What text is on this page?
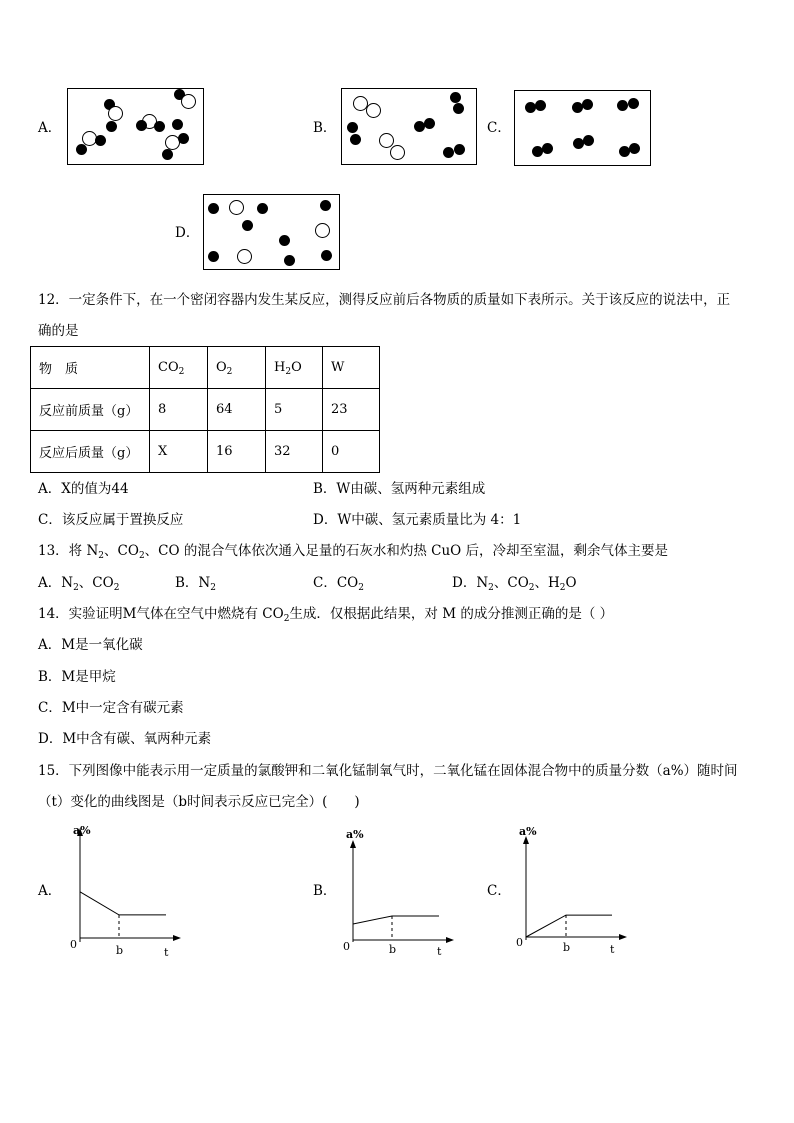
A．	B．	C．
D．
12．一定条件下，在一个密闭容器内发生某反应，测得反应前后各物质的质量如下表所示。关于该反应的说法中，正
确的是
物　质	$CO_2$	$O_2$	$H_2O$	W
反应前质量（g）	8	64	5	23
反应后质量（g）	X	16	32	0
A．X的值为44	B．W由碳、氢两种元素组成
C．该反应属于置换反应	D．W中碳、氢元素质量比为 4：1
13．将 $N_2$、$CO_2$、CO 的混合气体依次通入足量的石灰水和灼热 CuO 后，冷却至室温，剩余气体主要是
A．$N_2$、$CO_2$	B．$N_2$	C．$CO_2$	D．$N_2$、$CO_2$、$H_2O$
14．实验证明M气体在空气中燃烧有 $CO_2$生成．仅根据此结果，对 M 的成分推测正确的是（ ）
A．M是一氧化碳
B．M是甲烷
C．M中一定含有碳元素
D．M中含有碳、氧两种元素
15．下列图像中能表示用一定质量的氯酸钾和二氧化锰制氧气时，二氧化锰在固体混合物中的质量分数（a%）随时间
（t）变化的曲线图是（b时间表示反应已完全）(　　)
A．
a%
0	b	t
B．
a%
0	b	t
C．
a%
0	b	t
